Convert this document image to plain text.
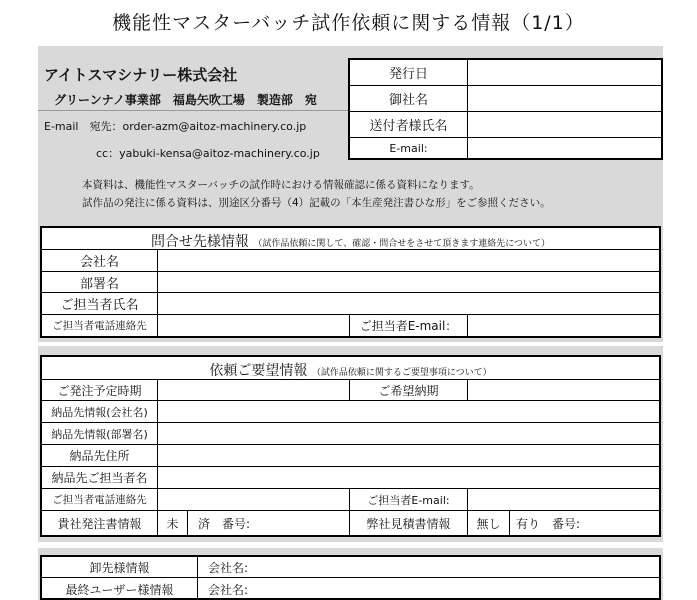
機能性マスターバッチ試作依頼に関する情報（1/1）
アイトスマシナリー株式会社
グリーンナノ事業部　福島矢吹工場　製造部　宛
E-mail　宛先：order-azm@aitoz-machinery.co.jp
cc：yabuki-kensa@aitoz-machinery.co.jp
発行日
御社名
送付者様氏名
E-mail:
本資料は、機能性マスターバッチの試作時における情報確認に係る資料になります。
試作品の発注に係る資料は、別途区分番号（4）記載の「本生産発注書ひな形」をご参照ください。
問合せ先様情報 （試作品依頼に関して、確認・問合せをさせて頂きます連絡先について）
会社名
部署名
ご担当者氏名
ご担当者電話連絡先	ご担当者E-mail：
依頼ご要望情報 （試作品依頼に関するご要望事項について）
ご発注予定時期	ご希望納期
納品先情報(会社名)
納品先情報(部署名)
納品先住所
納品先ご担当者名
ご担当者電話連絡先	ご担当者E-mail:
貴社発注書情報	未	済　番号:	弊社見積書情報	無し	有り　番号:
卸先様情報	会社名:
最終ユーザー様情報	会社名:
